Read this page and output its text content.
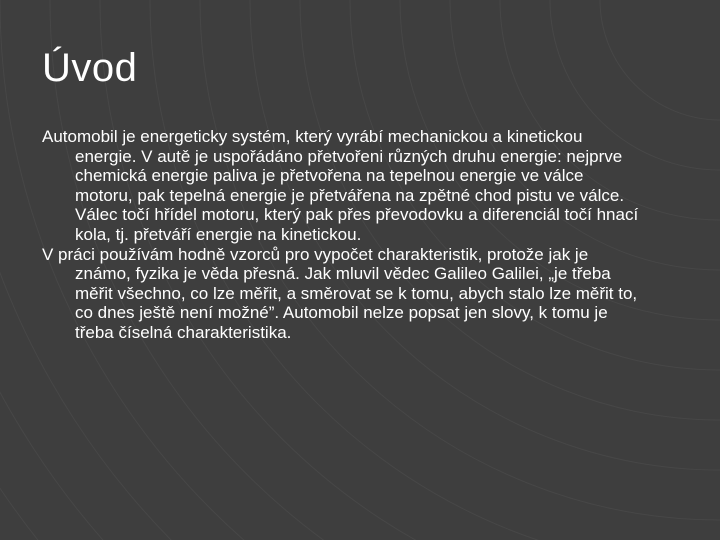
Úvod

Automobil je energeticky systém, který vyrábí mechanickou a kinetickou energie. V autě je uspořádáno přetvořeni různých druhu energie: nejprve chemická energie paliva je přetvořena na tepelnou energie ve válce motoru, pak tepelná energie je přetvářena na zpětné chod pistu ve válce. Válec točí hřídel motoru, který pak přes převodovku a diferenciál točí hnací kola, tj. přetváří energie na kinetickou.

V práci používám hodně vzorců pro vypočet charakteristik, protože jak je známo, fyzika je věda přesná. Jak mluvil vědec Galileo Galilei, „je třeba měřit všechno, co lze měřit, a směrovat se k tomu, abych stalo lze měřit to, co dnes ještě není možné”. Automobil nelze popsat jen slovy, k tomu je třeba číselná charakteristika.
